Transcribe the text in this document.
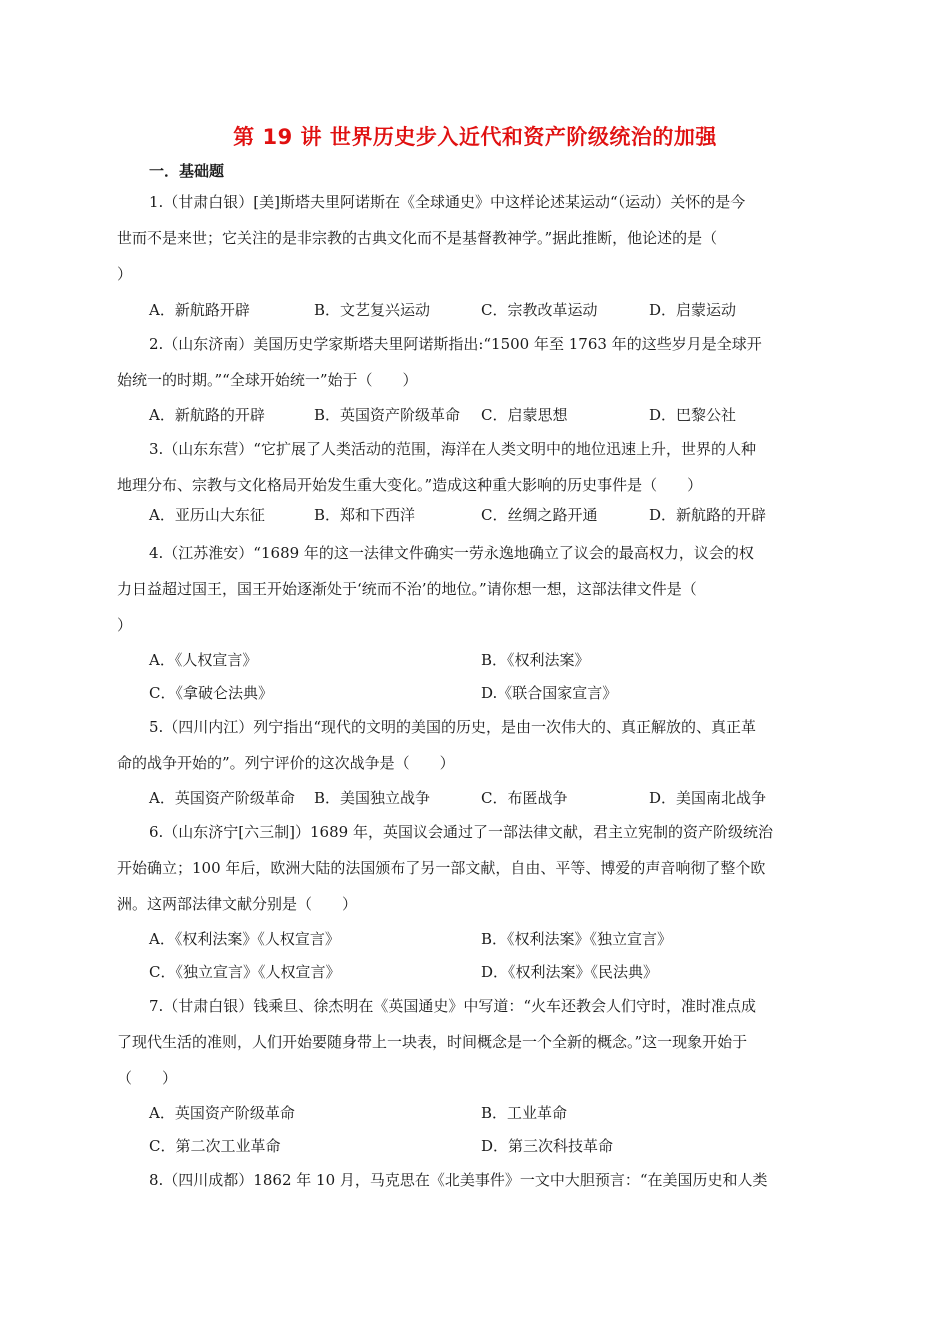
第 19 讲 世界历史步入近代和资产阶级统治的加强
一．基础题
1.（甘肃白银）[美]斯塔夫里阿诺斯在《全球通史》中这样论述某运动“（运动）关怀的是今
世而不是来世；它关注的是非宗教的古典文化而不是基督教神学。”据此推断，他论述的是（
）
A．新航路开辟	B．文艺复兴运动	C．宗教改革运动	D．启蒙运动
2.（山东济南）美国历史学家斯塔夫里阿诺斯指出:“1500 年至 1763 年的这些岁月是全球开
始统一的时期。”“全球开始统一”始于（　　）
A．新航路的开辟	B．英国资产阶级革命 C．启蒙思想	D．巴黎公社
3.（山东东营）“它扩展了人类活动的范围，海洋在人类文明中的地位迅速上升，世界的人种
地理分布、宗教与文化格局开始发生重大变化。”造成这种重大影响的历史事件是（　　）
A．亚历山大东征	B．郑和下西洋	C．丝绸之路开通	D．新航路的开辟
4.（江苏淮安）“1689 年的这一法律文件确实一劳永逸地确立了议会的最高权力，议会的权
力日益超过国王，国王开始逐渐处于‘统而不治’的地位。”请你想一想，这部法律文件是（
）
A．《人权宣言》	B．《权利法案》
C．《拿破仑法典》	D.《联合国家宣言》
5.（四川内江）列宁指出“现代的文明的美国的历史，是由一次伟大的、真正解放的、真正革
命的战争开始的”。列宁评价的这次战争是（　　）
A．英国资产阶级革命 B．美国独立战争	C．布匿战争	D．美国南北战争
6.（山东济宁[六三制]）1689 年，英国议会通过了一部法律文献，君主立宪制的资产阶级统治
开始确立；100 年后，欧洲大陆的法国颁布了另一部文献，自由、平等、博爱的声音响彻了整个欧
洲。这两部法律文献分别是（　　）
A．《权利法案》《人权宣言》	B．《权利法案》《独立宣言》
C．《独立宣言》《人权宣言》	D．《权利法案》《民法典》
7.（甘肃白银）钱乘旦、徐杰明在《英国通史》中写道：“火车还教会人们守时，准时准点成
了现代生活的准则，人们开始要随身带上一块表，时间概念是一个全新的概念。”这一现象开始于
（　　）
A．英国资产阶级革命	B．工业革命
C．第二次工业革命	D．第三次科技革命
8.（四川成都）1862 年 10 月，马克思在《北美事件》一文中大胆预言：“在美国历史和人类
